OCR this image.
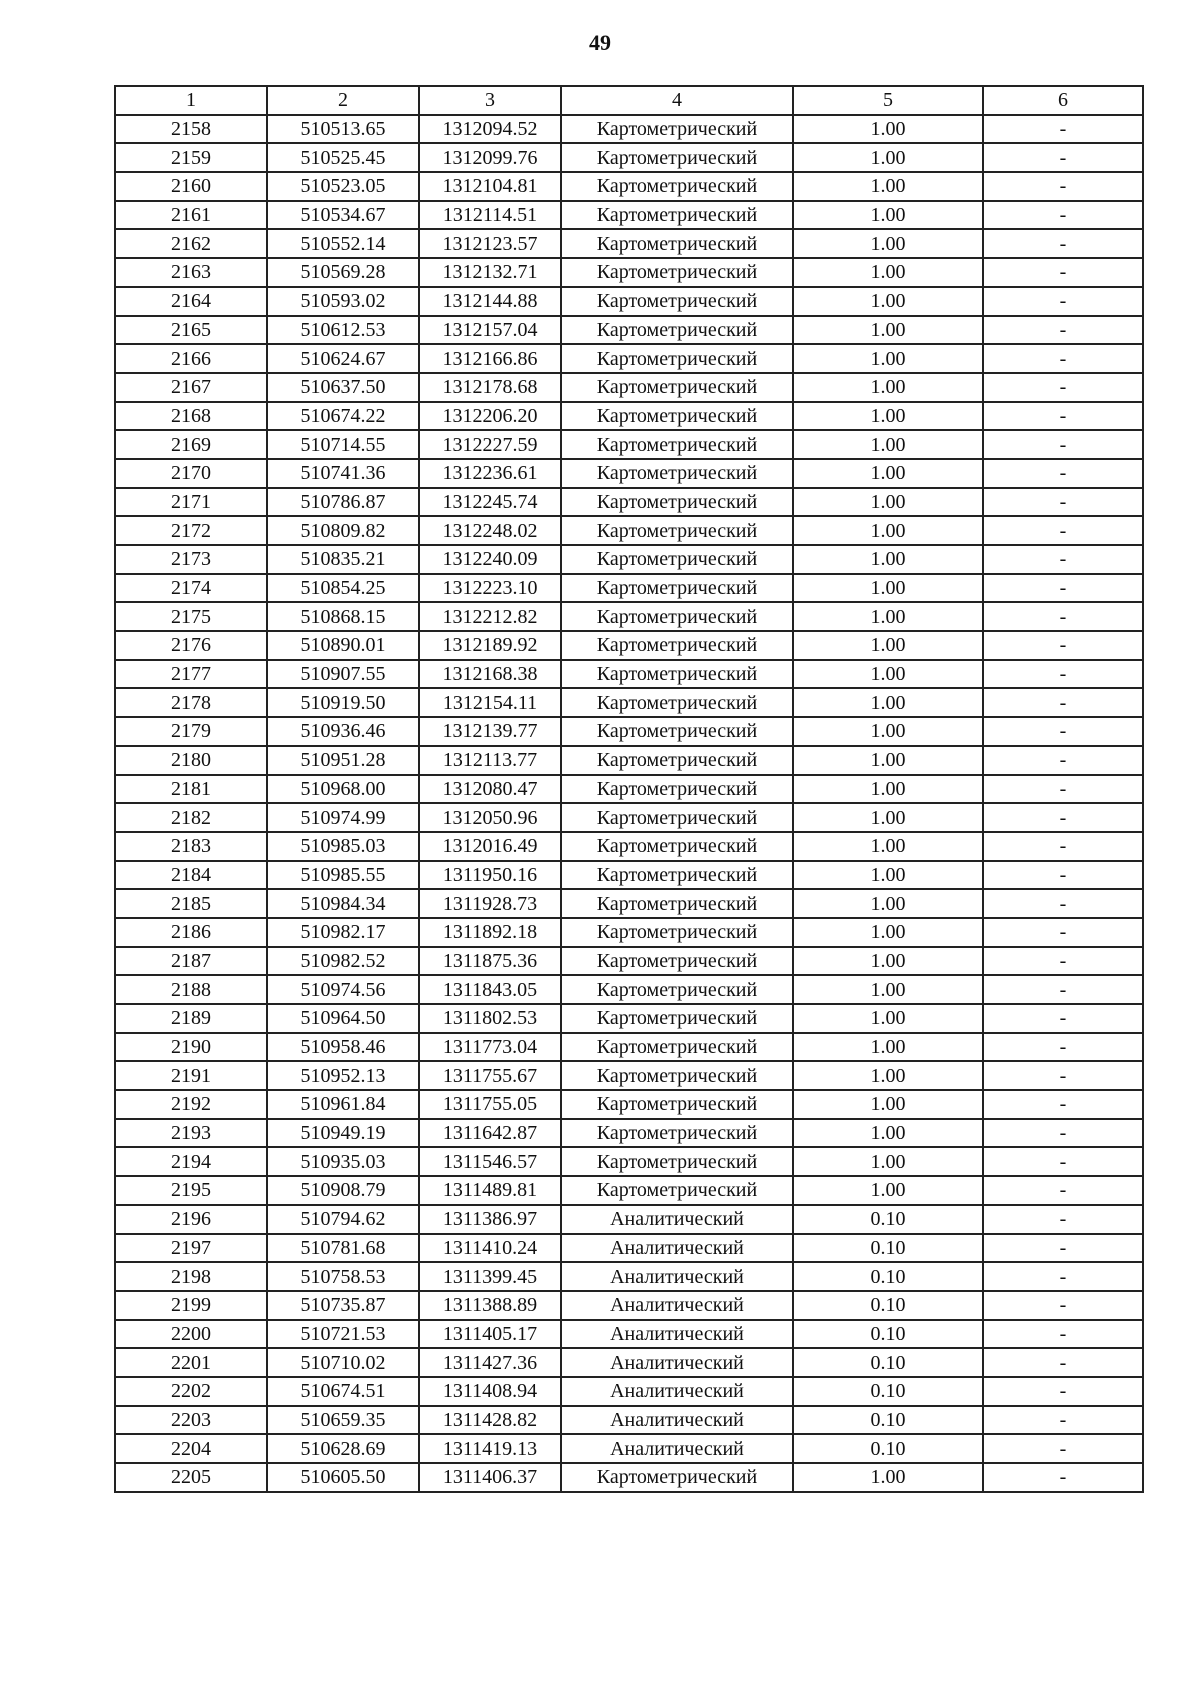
49
1	2	3	4	5	6
2158	510513.65	1312094.52	Картометрический	1.00	-
2159	510525.45	1312099.76	Картометрический	1.00	-
2160	510523.05	1312104.81	Картометрический	1.00	-
2161	510534.67	1312114.51	Картометрический	1.00	-
2162	510552.14	1312123.57	Картометрический	1.00	-
2163	510569.28	1312132.71	Картометрический	1.00	-
2164	510593.02	1312144.88	Картометрический	1.00	-
2165	510612.53	1312157.04	Картометрический	1.00	-
2166	510624.67	1312166.86	Картометрический	1.00	-
2167	510637.50	1312178.68	Картометрический	1.00	-
2168	510674.22	1312206.20	Картометрический	1.00	-
2169	510714.55	1312227.59	Картометрический	1.00	-
2170	510741.36	1312236.61	Картометрический	1.00	-
2171	510786.87	1312245.74	Картометрический	1.00	-
2172	510809.82	1312248.02	Картометрический	1.00	-
2173	510835.21	1312240.09	Картометрический	1.00	-
2174	510854.25	1312223.10	Картометрический	1.00	-
2175	510868.15	1312212.82	Картометрический	1.00	-
2176	510890.01	1312189.92	Картометрический	1.00	-
2177	510907.55	1312168.38	Картометрический	1.00	-
2178	510919.50	1312154.11	Картометрический	1.00	-
2179	510936.46	1312139.77	Картометрический	1.00	-
2180	510951.28	1312113.77	Картометрический	1.00	-
2181	510968.00	1312080.47	Картометрический	1.00	-
2182	510974.99	1312050.96	Картометрический	1.00	-
2183	510985.03	1312016.49	Картометрический	1.00	-
2184	510985.55	1311950.16	Картометрический	1.00	-
2185	510984.34	1311928.73	Картометрический	1.00	-
2186	510982.17	1311892.18	Картометрический	1.00	-
2187	510982.52	1311875.36	Картометрический	1.00	-
2188	510974.56	1311843.05	Картометрический	1.00	-
2189	510964.50	1311802.53	Картометрический	1.00	-
2190	510958.46	1311773.04	Картометрический	1.00	-
2191	510952.13	1311755.67	Картометрический	1.00	-
2192	510961.84	1311755.05	Картометрический	1.00	-
2193	510949.19	1311642.87	Картометрический	1.00	-
2194	510935.03	1311546.57	Картометрический	1.00	-
2195	510908.79	1311489.81	Картометрический	1.00	-
2196	510794.62	1311386.97	Аналитический	0.10	-
2197	510781.68	1311410.24	Аналитический	0.10	-
2198	510758.53	1311399.45	Аналитический	0.10	-
2199	510735.87	1311388.89	Аналитический	0.10	-
2200	510721.53	1311405.17	Аналитический	0.10	-
2201	510710.02	1311427.36	Аналитический	0.10	-
2202	510674.51	1311408.94	Аналитический	0.10	-
2203	510659.35	1311428.82	Аналитический	0.10	-
2204	510628.69	1311419.13	Аналитический	0.10	-
2205	510605.50	1311406.37	Картометрический	1.00	-
